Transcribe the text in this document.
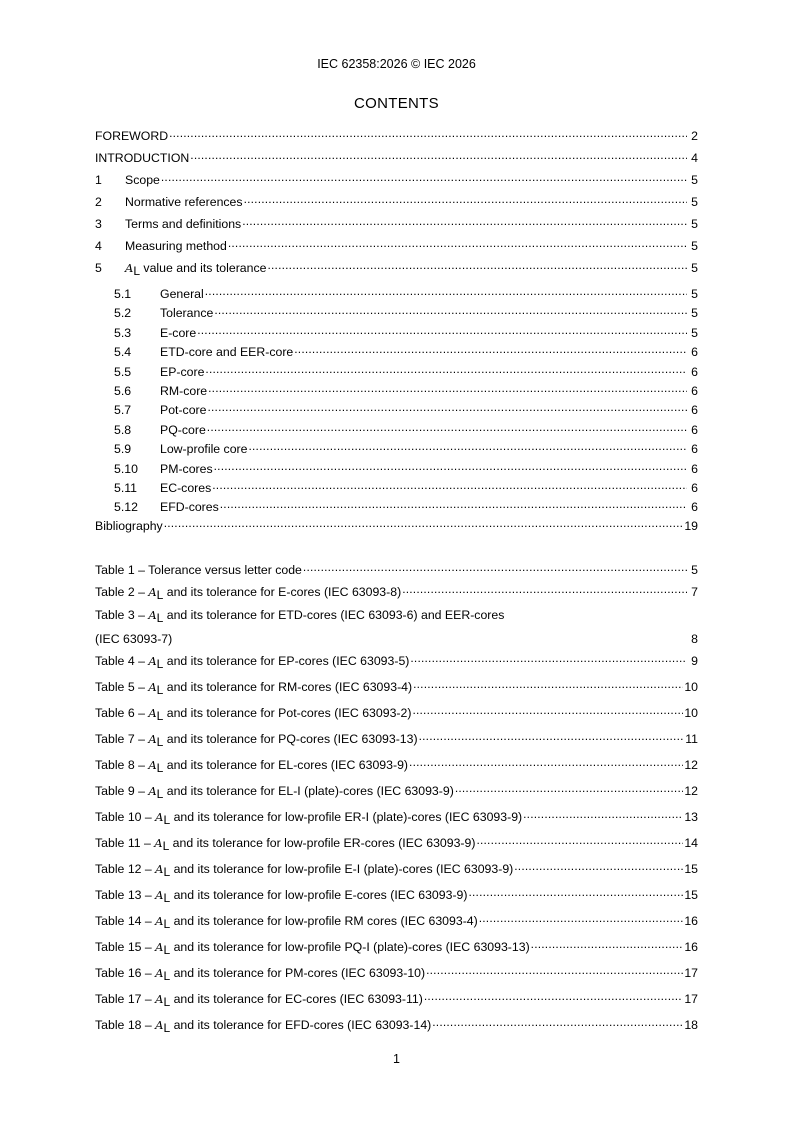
IEC 62358:2026 © IEC 2026
CONTENTS
FOREWORD .....	2
INTRODUCTION .....	4
1	Scope .....	5
2	Normative references .....	5
3	Terms and definitions .....	5
4	Measuring method .....	5
5	$A_L$ value and its tolerance .....	5
5.1	General .....	5
5.2	Tolerance .....	5
5.3	E-core .....	5
5.4	ETD-core and EER-core .....	6
5.5	EP-core .....	6
5.6	RM-core .....	6
5.7	Pot-core .....	6
5.8	PQ-core .....	6
5.9	Low-profile core .....	6
5.10	PM-cores .....	6
5.11	EC-cores .....	6
5.12	EFD-cores .....	6
Bibliography .....	19
Table 1 – Tolerance versus letter code .....	5
Table $2 - A_L$ and its tolerance for E-cores (IEC 63093-8) .....	7
Table $3 - A_L$ and its tolerance for ETD-cores (IEC 63093-6) and EER-cores
(IEC 63093-7)	8
Table $4 - A_L$ and its tolerance for EP-cores (IEC 63093-5) .....	9
Table $5 - A_L$ and its tolerance for RM-cores (IEC 63093-4) .....	10
Table $6 - A_L$ and its tolerance for Pot-cores (IEC 63093-2) .....	10
Table $7 - A_L$ and its tolerance for PQ-cores (IEC 63093-13) .....	11
Table $8 - A_L$ and its tolerance for EL-cores (IEC 63093-9) .....	12
Table $9 - A_L$ and its tolerance for EL-I (plate)-cores (IEC 63093-9) .....	12
Table $10 - A_L$ and its tolerance for low-profile ER-I (plate)-cores (IEC 63093-9) .....	13
Table $11 - A_L$ and its tolerance for low-profile ER-cores (IEC 63093-9) .....	14
Table $12 - A_L$ and its tolerance for low-profile E-I (plate)-cores (IEC 63093-9) .....	15
Table $13 - A_L$ and its tolerance for low-profile E-cores (IEC 63093-9) .....	15
Table $14 - A_L$ and its tolerance for low-profile RM cores (IEC 63093-4) .....	16
Table $15 - A_L$ and its tolerance for low-profile PQ-I (plate)-cores (IEC 63093-13) .....	16
Table $16 - A_L$ and its tolerance for PM-cores (IEC 63093-10) .....	17
Table $17 - A_L$ and its tolerance for EC-cores (IEC 63093-11) .....	17
Table $18 - A_L$ and its tolerance for EFD-cores (IEC 63093-14) .....	18
1
